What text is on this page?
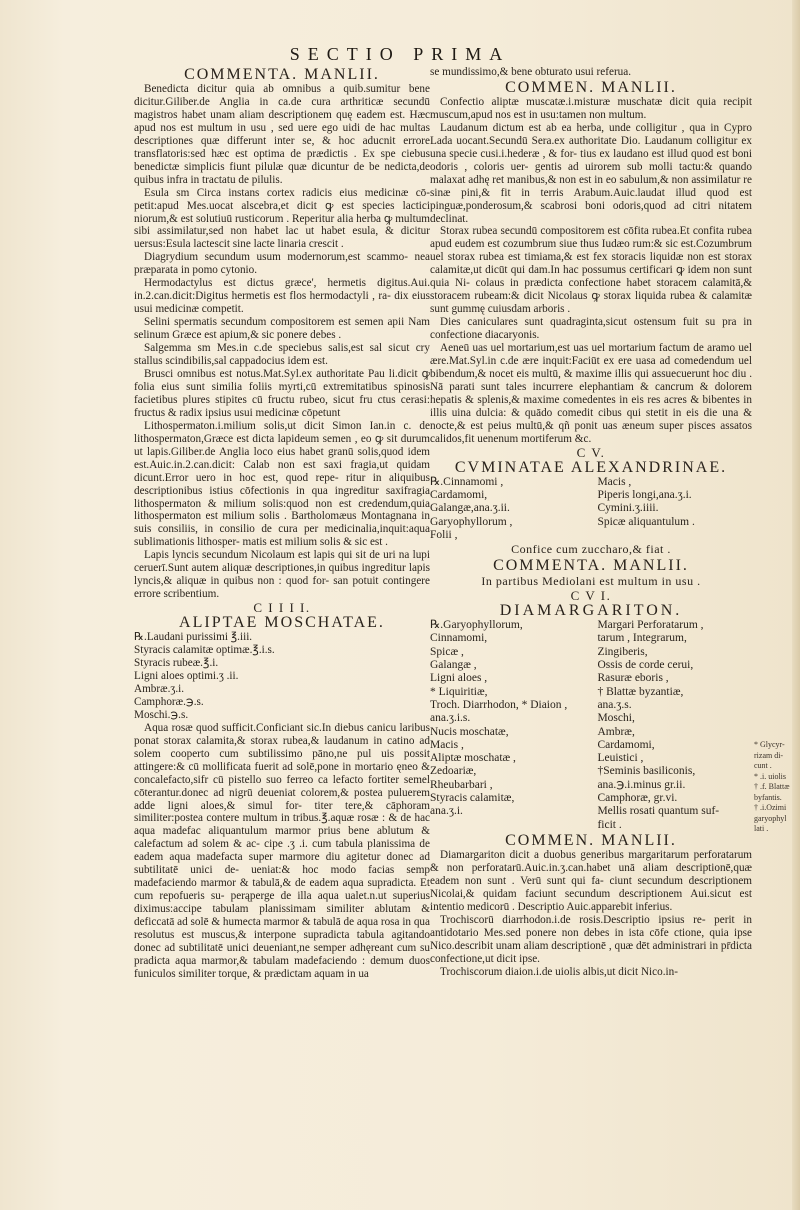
SECTIO PRIMA
COMMENTA. MANLII.

Benedicta dicitur quia ab omnibus a quib.sumitur bene dicitur.Giliber.de Anglia in ca.de cura arthriticæ secundū magistros habet unam aliam descriptionem quę eadem est. Hæc apud nos est multum in usu , sed uere ego uidi de hac multas descriptiones quæ differunt inter se, & hoc aducnit errore transflatoris:sed hæc est optima de prædictis . Ex spe ciebus benedictæ simplicis fiunt pilulæ quæ dicuntur de be nedicta,de quibus infra in tractatu de pilulis.

Esula sm Circa instans cortex radicis eius medicinæ cō- petit:apud Mes.uocat alscebra,et dicit ꝙ est species lactici niorum,& est solutiuū rusticorum . Reperitur alia herba ꝙ multum sibi assimilatur,sed non habet lac ut habet esula, & dicitur uersus:Esula lactescit sine lacte linaria crescit .

Diagrydium secundum usum modernorum,est scammo- nea præparata in pomo cytonio.

Hermodactylus est dictus græce', hermetis digitus.Aui. in.2.can.dicit:Digitus hermetis est flos hermodactyli , ra- dix eius usui medicinæ competit.

Selini spermatis secundum compositorem est semen apii Nam selinum Græce est apium,& sic ponere debes .

Salgemma sm Mes.in c.de speciebus salis,est sal sicut cry stallus scindibilis,sal cappadocius idem est.

Brusci omnibus est notus.Mat.Syl.ex authoritate Pau li.dicit ꝙ folia eius sunt similia foliis myrti,cū extremitatibus spinosis facietibus plures stipites cū fructu rubeo, sicut fru ctus cerasi: fructus & radix ipsius usui medicinæ cōpetunt

Lithospermaton.i.milium solis,ut dicit Simon Ian.in c. de lithospermaton,Græce est dicta lapideum semen , eo ꝙ sit durum ut lapis.Giliber.de Anglia loco eius habet granū solis,quod idem est.Auic.in.2.can.dicit: Calab non est saxi fragia,ut quidam dicunt.Error uero in hoc est, quod repe- ritur in aliquibus descriptionibus istius cōfectionis in qua ingreditur saxifragia lithospermaton & milium solis:quod non est credendum,quia lithospermaton est milium solis . Bartholomæus Montagnana in suis consiliis, in consilio de cura per medicinalia,inquit:aqua sublimationis lithosper- matis est milium solis & sic est .

Lapis lyncis secundum Nicolaum est lapis qui sit de uri na lupi ceruerī.Sunt autem aliquæ descriptiones,in quibus ingreditur lapis lyncis,& aliquæ in quibus non : quod for- san potuit contingere errore scribentium.

C I I I I.
ALIPTAE MOSCHATAE.

℞.Laudani purissimi ℥.iii.

Styracis calamitæ optimæ.℥.i.s.

Styracis rubeæ.℥.i.

Ligni aloes optimi.ʒ .ii.

Ambræ.ʒ.i.

Camphoræ.℈.s.

Moschi.℈.s.

Aqua rosæ quod sufficit.Conficiant sic.In diebus canicu laribus ponat storax calamita,& storax rubea,& laudanum in catino ad solem cooperto cum subtilissimo pāno,ne pul uis possit attingere:& cū mollificata fuerit ad solē,pone in mortario ęneo & concalefacto,sifr cū pistello suo ferreo ca lefacto fortiter semel cōterantur.donec ad nigrū deueniat colorem,& postea puluerem adde ligni aloes,& simul for- titer tere,& cāphoram similiter:postea contere multum in tribus.℥.aquæ rosæ : & de hac aqua madefac aliquantulum marmor prius bene ablutum & calefactum ad solem & ac- cipe .ʒ .i. cum tabula planissima de eadem aqua madefacta super marmore diu agitetur donec ad subtilitatē unici de- ueniat:& hoc modo facias semp madefaciendo marmor & tabulā,& de eadem aqua supradicta. Et cum repofueris su- perąperge de illa aqua ualet.n.ut superius diximus:accipe tabulam planissimam similiter ablutam & deficcatā ad solē & humecta marmor & tabulā de aqua rosa in qua resolutus est muscus,& interpone supradicta tabula agitando donec ad subtilitatē unici deueniant,ne semper adhęreant cum su pradicta aqua marmor,& tabulam madefaciendo : demum duos funiculos similiter torque, & prædictam aquam in ua

se mundissimo,& bene obturato usui referua.

COMMEN. MANLII.

Confectio aliptæ muscatæ.i.misturæ muschatæ dicit quia recipit muscum,apud nos est in usu:tamen non multum.

Laudanum dictum est ab ea herba, unde colligitur , qua in Cypro Lada uocant.Secundū Sera.ex authoritate Dio. Laudanum colligitur ex una specie cusi.i.hederæ , & for- tius ex laudano est illud quod est boni odoris , coloris uer- gentis ad uirorem sub molli tactu:& quando malaxat adhę ret manibus,& non est in eo sabulum,& non assimilatur re sinæ pini,& fit in terris Arabum.Auic.laudat illud quod est pinguæ,ponderosum,& scabrosi boni odoris,quod ad citri nitatem declinat.

Storax rubea secundū compositorem est cōfita rubea.Et confita rubea apud eudem est cozumbrum siue thus Iudæo rum:& sic est.Cozumbrum uel storax rubea est timiama,& est fex storacis liquidæ non est storax calamitæ,ut dicūt qui dam.In hac possumus certificari ꝙ idem non sunt quia Ni- colaus in prædicta confectione habet storacem calamitā,& storacem rubeam:& dicit Nicolaus ꝙ storax liquida rubea & calamitæ sunt gummę cuiusdam arboris .

Dies caniculares sunt quadraginta,sicut ostensum fuit su pra in confectione diacaryonis.

Aeneū uas uel mortarium,est uas uel mortarium factum de aramo uel ære.Mat.Syl.in c.de ære inquit:Faciūt ex ere uasa ad comedendum uel bibendum,& nocet eis multū, & maxime illis qui assuecuerunt hoc diu . Nā parati sunt tales incurrere elephantiam & cancrum & dolorem hepatis & splenis,& maxime comedentes in eis res acres & bibentes in illis uina dulcia: & quādo comedit cibus qui stetit in eis die una & nocte,& est peius multū,& qñ ponit uas æneum super pisces assatos calidos,fit uenenum mortiferum &c.

C V.
CVMINATAE ALEXANDRINAE.
℞.Cinnamomi ,
Cardamomi,
Galangæ,ana.ʒ.ii.
Garyophyllorum ,
Folii ,
Macis ,
Piperis longi,ana.ʒ.i.
Cymini.ʒ.iiii.
Spicæ aliquantulum .
Confice cum zuccharo,& fiat .
COMMENTA. MANLII.
In partibus Mediolani est multum in usu .
C V I.
DIAMARGARITON.
℞.Garyophyllorum,
Cinnamomi,
Spicæ ,
Galangæ ,
Ligni aloes ,
* Liquiritiæ,
Troch. Diarrhodon, * Diaion ,
ana.ʒ.i.s.
Nucis moschatæ,
Macis ,
Aliptæ moschatæ ,
Zedoariæ,
Rheubarbari ,
Styracis calamitæ,
ana.ʒ.i.
Margari Perforatarum ,
tarum , Integrarum,
Zingiberis,
Ossis de corde cerui,
Rasuræ eboris ,
† Blattæ byzantiæ,
ana.ʒ.s.
Moschi,
Ambræ,
Cardamomi,
Leuistici ,
†Seminis basiliconis,
ana.℈.i.minus gr.ii.
Camphoræ, gr.vi.
Mellis rosati quantum suf-
ficit .
COMMEN. MANLII.

Diamargariton dicit a duobus generibus margaritarum perforatarum & non perforatarū.Auic.in.ʒ.can.habet unā aliam descriptionē,quæ eadem non sunt . Verū sunt qui fa- ciunt secundum descriptionem Nicolai,& quidam faciunt secundum descriptionem Aui.sicut est intentio medicorū . Descriptio Auic.apparebit inferius.

Trochiscorū diarrhodon.i.de rosis.Descriptio ipsius re- perit in antidotario Mes.sed ponere non debes in ista cōfe ctione, quia ipse Nico.describit unam aliam descriptionē , quæ dēt administrari in pr̄dicta confectione,ut dicit ipse.

Trochiscorum diaion.i.de uiolis albis,ut dicit Nico.in-

* Glycyr-
rizam di-
cunt .
* .i. uiolis
† .f. Blattæ
byfantis.
† .i.Ozimi
garyophyl
lati .
